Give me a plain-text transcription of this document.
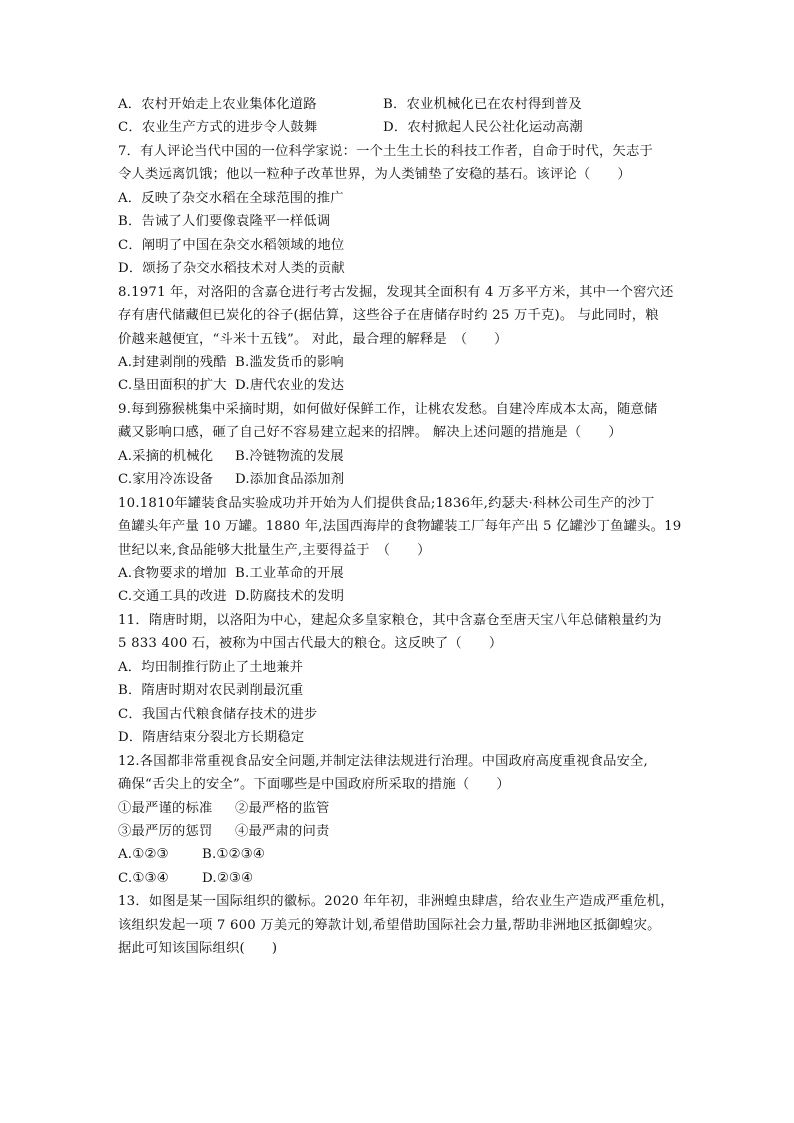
A．农村开始走上农业集体化道路	B．农业机械化已在农村得到普及
C．农业生产方式的进步令人鼓舞	D．农村掀起人民公社化运动高潮
7．有人评论当代中国的一位科学家说：一个土生土长的科技工作者，自命于时代，矢志于
令人类远离饥饿；他以一粒种子改革世界，为人类铺垫了安稳的基石。该评论（　　）
A．反映了杂交水稻在全球范围的推广
B．告诫了人们要像袁隆平一样低调
C．阐明了中国在杂交水稻领域的地位
D．颂扬了杂交水稻技术对人类的贡献
8.1971 年，对洛阳的含嘉仓进行考古发掘，发现其全面积有 4 万多平方米，其中一个窖穴还
存有唐代储藏但已炭化的谷子(据估算，这些谷子在唐储存时约 25 万千克)。 与此同时，粮
价越来越便宜，“斗米十五钱”。 对此，最合理的解释是　（　　）
A.封建剥削的残酷 B.滥发货币的影响
C.垦田面积的扩大 D.唐代农业的发达
9.每到猕猴桃集中采摘时期，如何做好保鲜工作，让桃农发愁。自建冷库成本太高，随意储
藏又影响口感，砸了自己好不容易建立起来的招牌。 解决上述问题的措施是（　　）
A.采摘的机械化 B.冷链物流的发展
C.家用冷冻设备 D.添加食品添加剂
10.1810年罐装食品实验成功并开始为人们提供食品;1836年,约瑟夫·科林公司生产的沙丁
鱼罐头年产量 10 万罐。1880 年,法国西海岸的食物罐装工厂每年产出 5 亿罐沙丁鱼罐头。19
世纪以来,食品能够大批量生产,主要得益于　（　　）
A.食物要求的增加 B.工业革命的开展
C.交通工具的改进 D.防腐技术的发明
11．隋唐时期，以洛阳为中心，建起众多皇家粮仓，其中含嘉仓至唐天宝八年总储粮量约为
5 833 400 石，被称为中国古代最大的粮仓。这反映了（　　）
A．均田制推行防止了土地兼并
B．隋唐时期对农民剥削最沉重
C．我国古代粮食储存技术的进步
D．隋唐结束分裂北方长期稳定
12.各国都非常重视食品安全问题,并制定法律法规进行治理。中国政府高度重视食品安全,
确保“舌尖上的安全”。下面哪些是中国政府所采取的措施（　　）
①最严谨的标准 ②最严格的监管
③最严厉的惩罚 ④最严肃的问责
A.①②③	B.①②③④
C.①③④	D.②③④
13．如图是某一国际组织的徽标。2020 年年初，非洲蝗虫肆虐，给农业生产造成严重危机，
该组织发起一项 7 600 万美元的筹款计划,希望借助国际社会力量,帮助非洲地区抵御蝗灾。
据此可知该国际组织(　　)
